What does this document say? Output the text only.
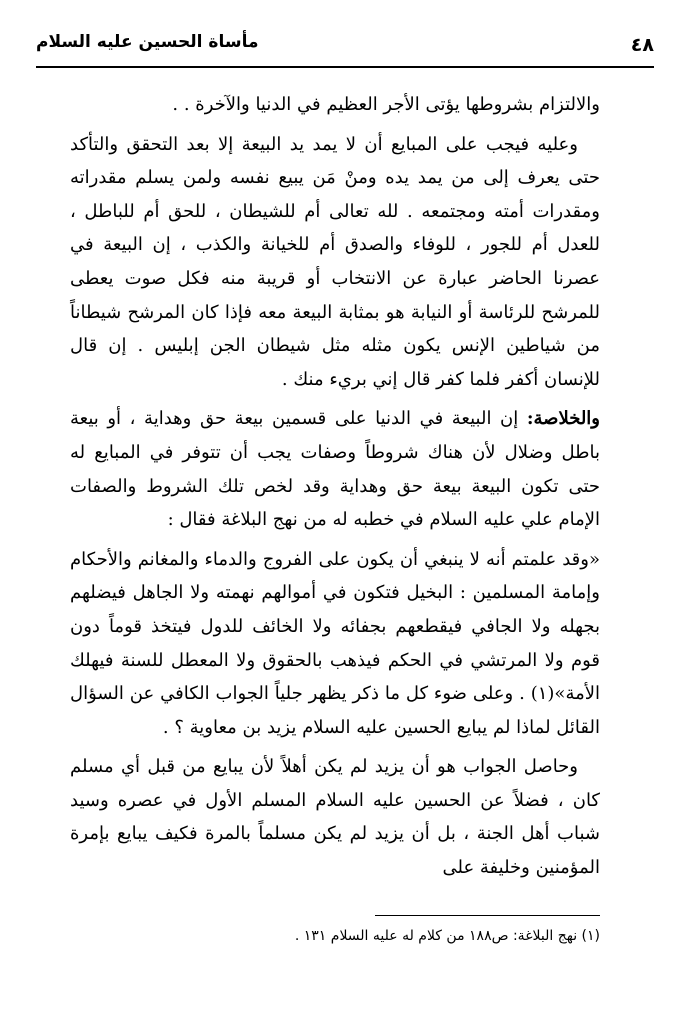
٤٨
مأساة الحسين عليه السلام

والالتزام بشروطها يؤتى الأجر العظيم في الدنيا والآخرة . .

وعليه فيجب على المبايع أن لا يمد يد البيعة إلا بعد التحقق والتأكد حتى يعرف إلى من يمد يده ومنْ مَن يبيع نفسه ولمن يسلم مقدراته ومقدرات أمته ومجتمعه . لله تعالى أم للشيطان ، للحق أم للباطل ، للعدل أم للجور ، للوفاء والصدق أم للخيانة والكذب ، إن البيعة في عصرنا الحاضر عبارة عن الانتخاب أو قريبة منه فكل صوت يعطى للمرشح للرئاسة أو النيابة هو بمثابة البيعة معه فإذا كان المرشح شيطاناً من شياطين الإنس يكون مثله مثل شيطان الجن إبليس . إن قال للإنسان أكفر فلما كفر قال إني بريء منك .

والخلاصة: إن البيعة في الدنيا على قسمين بيعة حق وهداية ، أو بيعة باطل وضلال لأن هناك شروطاً وصفات يجب أن تتوفر في المبايع له حتى تكون البيعة بيعة حق وهداية وقد لخص تلك الشروط والصفات الإمام علي عليه السلام في خطبه له من نهج البلاغة فقال :

«وقد علمتم أنه لا ينبغي أن يكون على الفروج والدماء والمغانم والأحكام وإمامة المسلمين : البخيل فتكون في أموالهم نهمته ولا الجاهل فيضلهم بجهله ولا الجافي فيقطعهم بجفائه ولا الخائف للدول فيتخذ قوماً دون قوم ولا المرتشي في الحكم فيذهب بالحقوق ولا المعطل للسنة فيهلك الأمة»(١) . وعلى ضوء كل ما ذكر يظهر جلياً الجواب الكافي عن السؤال القائل لماذا لم يبايع الحسين عليه السلام يزيد بن معاوية ؟ .

وحاصل الجواب هو أن يزيد لم يكن أهلاً لأن يبايع من قبل أي مسلم كان ، فضلاً عن الحسين عليه السلام المسلم الأول في عصره وسيد شباب أهل الجنة ، بل أن يزيد لم يكن مسلماً بالمرة فكيف يبايع بإمرة المؤمنين وخليفة على

(١) نهج البلاغة: ص١٨٨ من كلام له عليه السلام ١٣١ .
